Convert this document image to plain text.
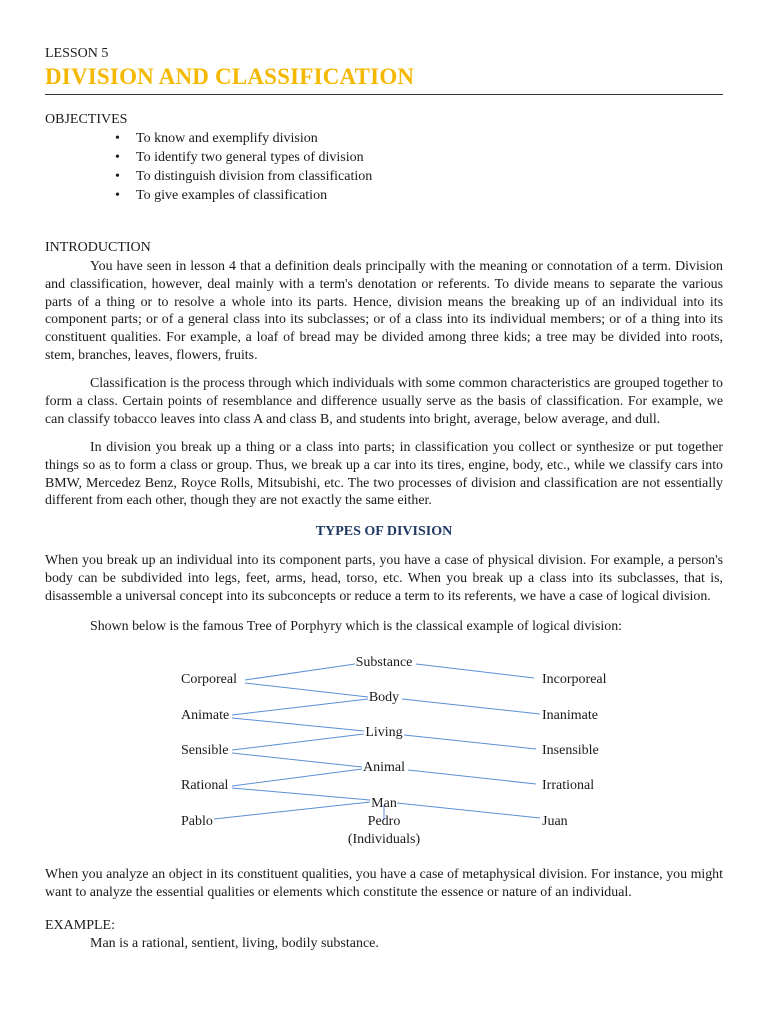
LESSON 5
DIVISION AND CLASSIFICATION
OBJECTIVES
• To know and exemplify division
• To identify two general types of division
• To distinguish division from classification
• To give examples of classification
INTRODUCTION

You have seen in lesson 4 that a definition deals principally with the meaning or connotation of a term. Division and classification, however, deal mainly with a term's denotation or referents. To divide means to separate the various parts of a thing or to resolve a whole into its parts. Hence, division means the breaking up of an individual into its component parts; or of a general class into its subclasses; or of a class into its individual members; or of a thing into its constituent qualities. For example, a loaf of bread may be divided among three kids; a tree may be divided into roots, stem, branches, leaves, flowers, fruits.

Classification is the process through which individuals with some common characteristics are grouped together to form a class. Certain points of resemblance and difference usually serve as the basis of classification. For example, we can classify tobacco leaves into class A and class B, and students into bright, average, below average, and dull.

In division you break up a thing or a class into parts; in classification you collect or synthesize or put together things so as to form a class or group. Thus, we break up a car into its tires, engine, body, etc., while we classify cars into BMW, Mercedez Benz, Royce Rolls, Mitsubishi, etc. The two processes of division and classification are not essentially different from each other, though they are not exactly the same either.

TYPES OF DIVISION

When you break up an individual into its component parts, you have a case of physical division. For example, a person's body can be subdivided into legs, feet, arms, head, torso, etc. When you break up a class into its subclasses, that is, disassemble a universal concept into its subconcepts or reduce a term to its referents, we have a case of logical division.

Shown below is the famous Tree of Porphyry which is the classical example of logical division:

When you analyze an object in its constituent qualities, you have a case of metaphysical division. For instance, you might want to analyze the essential qualities or elements which constitute the essence or nature of an individual.

Substance
Body
Living
Animal
Man
Pedro
(Individuals)
Corporeal
Animate
Sensible
Rational
Pablo
Incorporeal
Inanimate
Insensible
Irrational
Juan
EXAMPLE:
Man is a rational, sentient, living, bodily substance.
